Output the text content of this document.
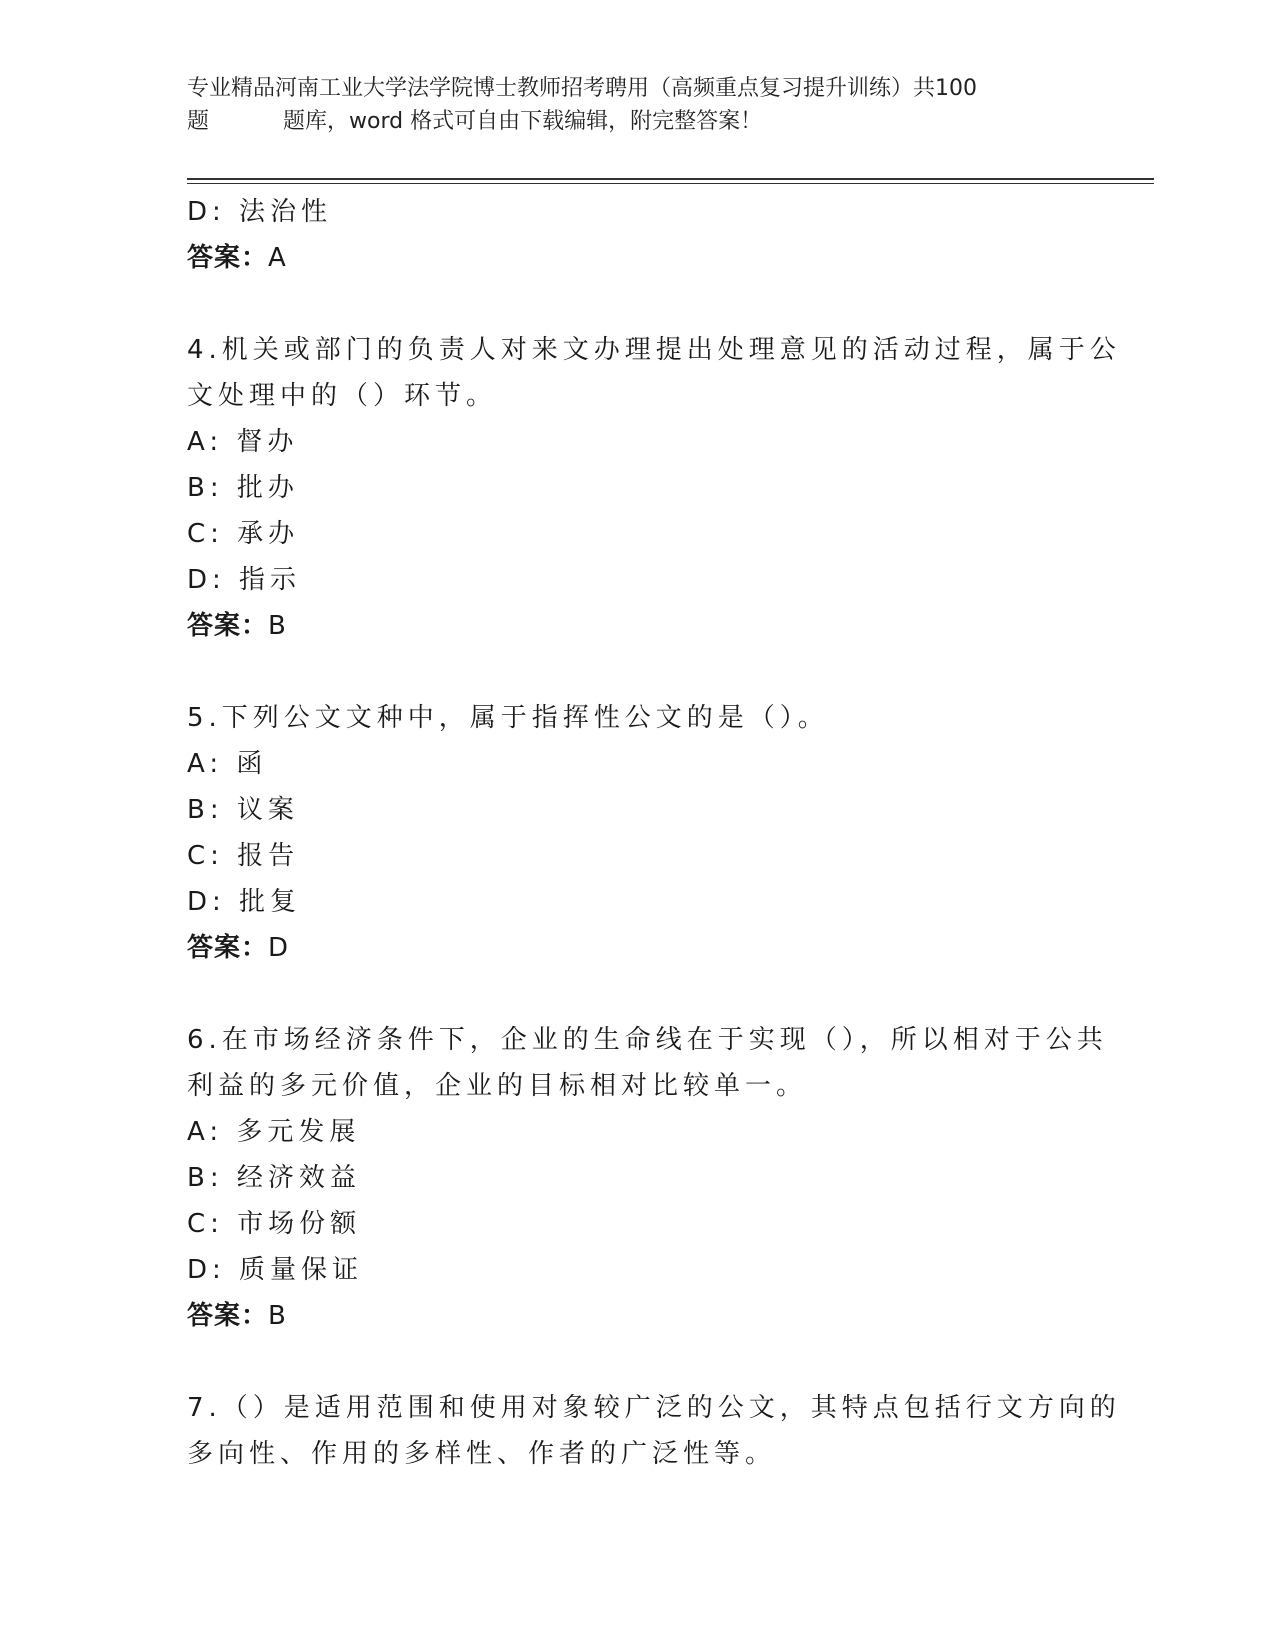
专业精品河南工业大学法学院博士教师招考聘用（高频重点复习提升训练）共100
题	题库，word 格式可自由下载编辑，附完整答案！
D: 法治性
答案：A
4.机关或部门的负责人对来文办理提出处理意见的活动过程，属于公
文处理中的（）环节。
A: 督办
B: 批办
C: 承办
D: 指示
答案：B
5.下列公文文种中，属于指挥性公文的是（）。
A: 函
B: 议案
C: 报告
D: 批复
答案：D
6.在市场经济条件下，企业的生命线在于实现（），所以相对于公共
利益的多元价值，企业的目标相对比较单一。
A: 多元发展
B: 经济效益
C: 市场份额
D: 质量保证
答案：B
7.（）是适用范围和使用对象较广泛的公文，其特点包括行文方向的
多向性、作用的多样性、作者的广泛性等。
